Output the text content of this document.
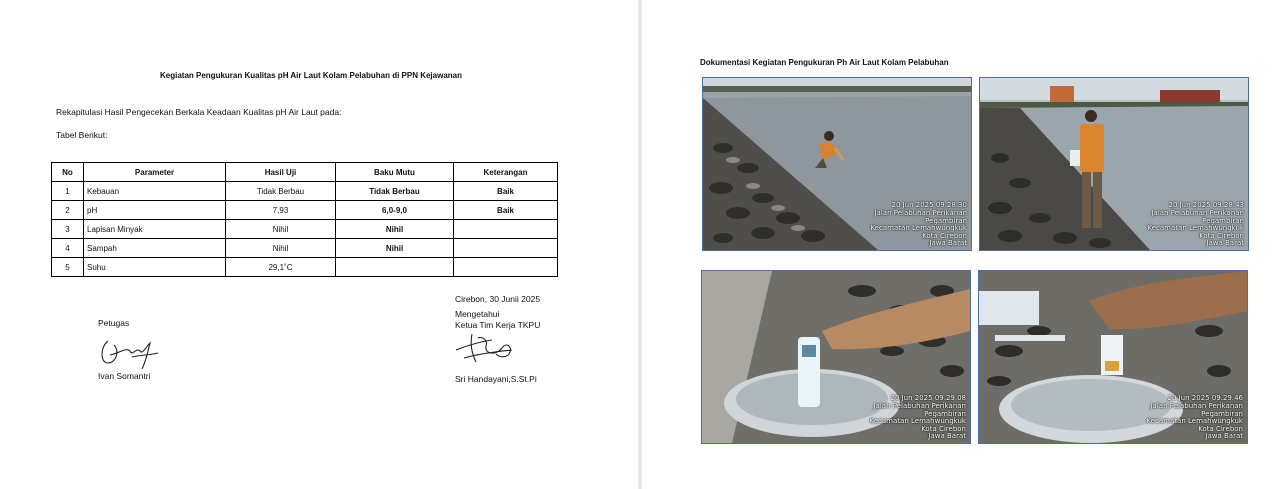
Kegiatan Pengukuran Kualitas pH Air Laut Kolam Pelabuhan di PPN Kejawanan
Rekapitulasi Hasil Pengecekan Berkala Keadaan Kualitas pH Air Laut pada:
Tabel Berikut:
No	Parameter	Hasil Uji	Baku Mutu	Keterangan
1	Kebauan	Tidak Berbau	Tidak Berbau	Baik
2	pH	7,93	6,0-9,0	Baik
3	Lapisan Minyak	Nihil	Nihil	
4	Sampah	Nihil	Nihil	
5	Suhu	29,1˚C		
Cirebon, 30 Junii 2025
Mengetahui
Ketua Tim Kerja TKPU
Petugas
Ivan Somantri	Sri Handayani,S.St.Pi
Dokumentasi Kegiatan Pengukuran Ph Air Laut Kolam Pelabuhan
20 Jun 2025 09.28.30
Jalan Pelabuhan Perikanan
Pegambiran
Kecamatan Lemahwungkuk
Kota Cirebon
Jawa Barat
20 Jun 2025 09.28.43
Jalan Pelabuhan Perikanan
Pegambiran
Kecamatan Lemahwungkuk
Kota Cirebon
Jawa Barat
20 Jun 2025 09.29.08
Jalan Pelabuhan Perikanan
Pegambiran
Kecamatan Lemahwungkuk
Kota Cirebon
Jawa Barat
20 Jun 2025 09.29.46
Jalan Pelabuhan Perikanan
Pegambiran
Kecamatan Lemahwungkuk
Kota Cirebon
Jawa Barat
